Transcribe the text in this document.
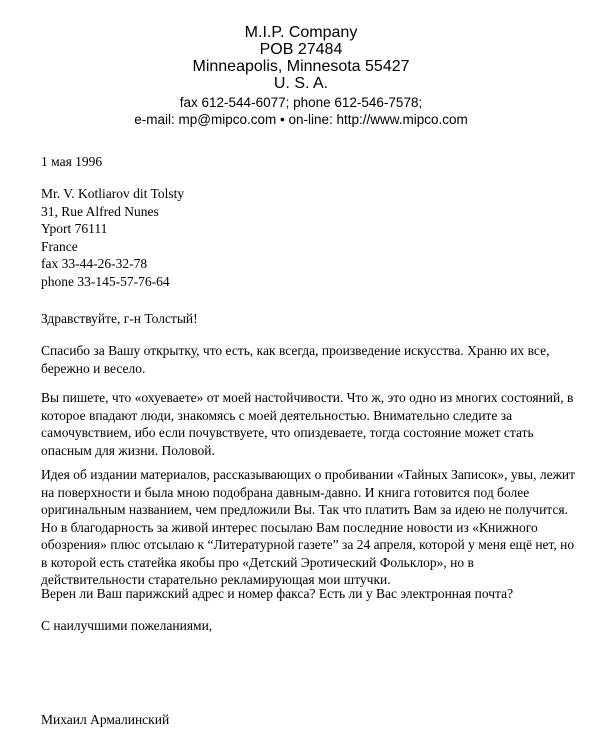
M.I.P. Company
POB 27484
Minneapolis, Minnesota 55427
U. S. A.
fax 612-544-6077; phone 612-546-7578;
e-mail: mp@mipco.com • on-line: http://www.mipco.com
1 мая 1996
Mr. V. Kotliarov dit Tolsty
31, Rue Alfred Nunes
Yport 76111
France
fax 33-44-26-32-78
phone 33-145-57-76-64
Здравствуйте, г-н Толстый!

Спасибо за Вашу открытку, что есть, как всегда, произведение искусства. Храню их все, бережно и весело.

Вы пишете, что «охуеваете» от моей настойчивости. Что ж, это одно из многих состояний, в которое впадают люди, знакомясь с моей деятельностью. Внимательно следите за самочувствием, ибо если почувствуете, что опиздеваете, тогда состояние может стать опасным для жизни. Половой.

Идея об издании материалов, рассказывающих о пробивании «Тайных Записок», увы, лежит на поверхности и была мною подобрана давным-давно. И книга готовится под более оригинальным названием, чем предложили Вы. Так что платить Вам за идею не получится. Но в благодарность за живой интерес посылаю Вам последние новости из «Книжного обозрения» плюс отсылаю к “Литературной газете” за 24 апреля, которой у меня ещё нет, но в которой есть статейка якобы про «Детский Эротический Фольклор», но в действительности старательно рекламирующая мои штучки.

Верен ли Ваш парижский адрес и номер факса? Есть ли у Вас электронная почта?

С наилучшими пожеланиями,
Михаил Армалинский
